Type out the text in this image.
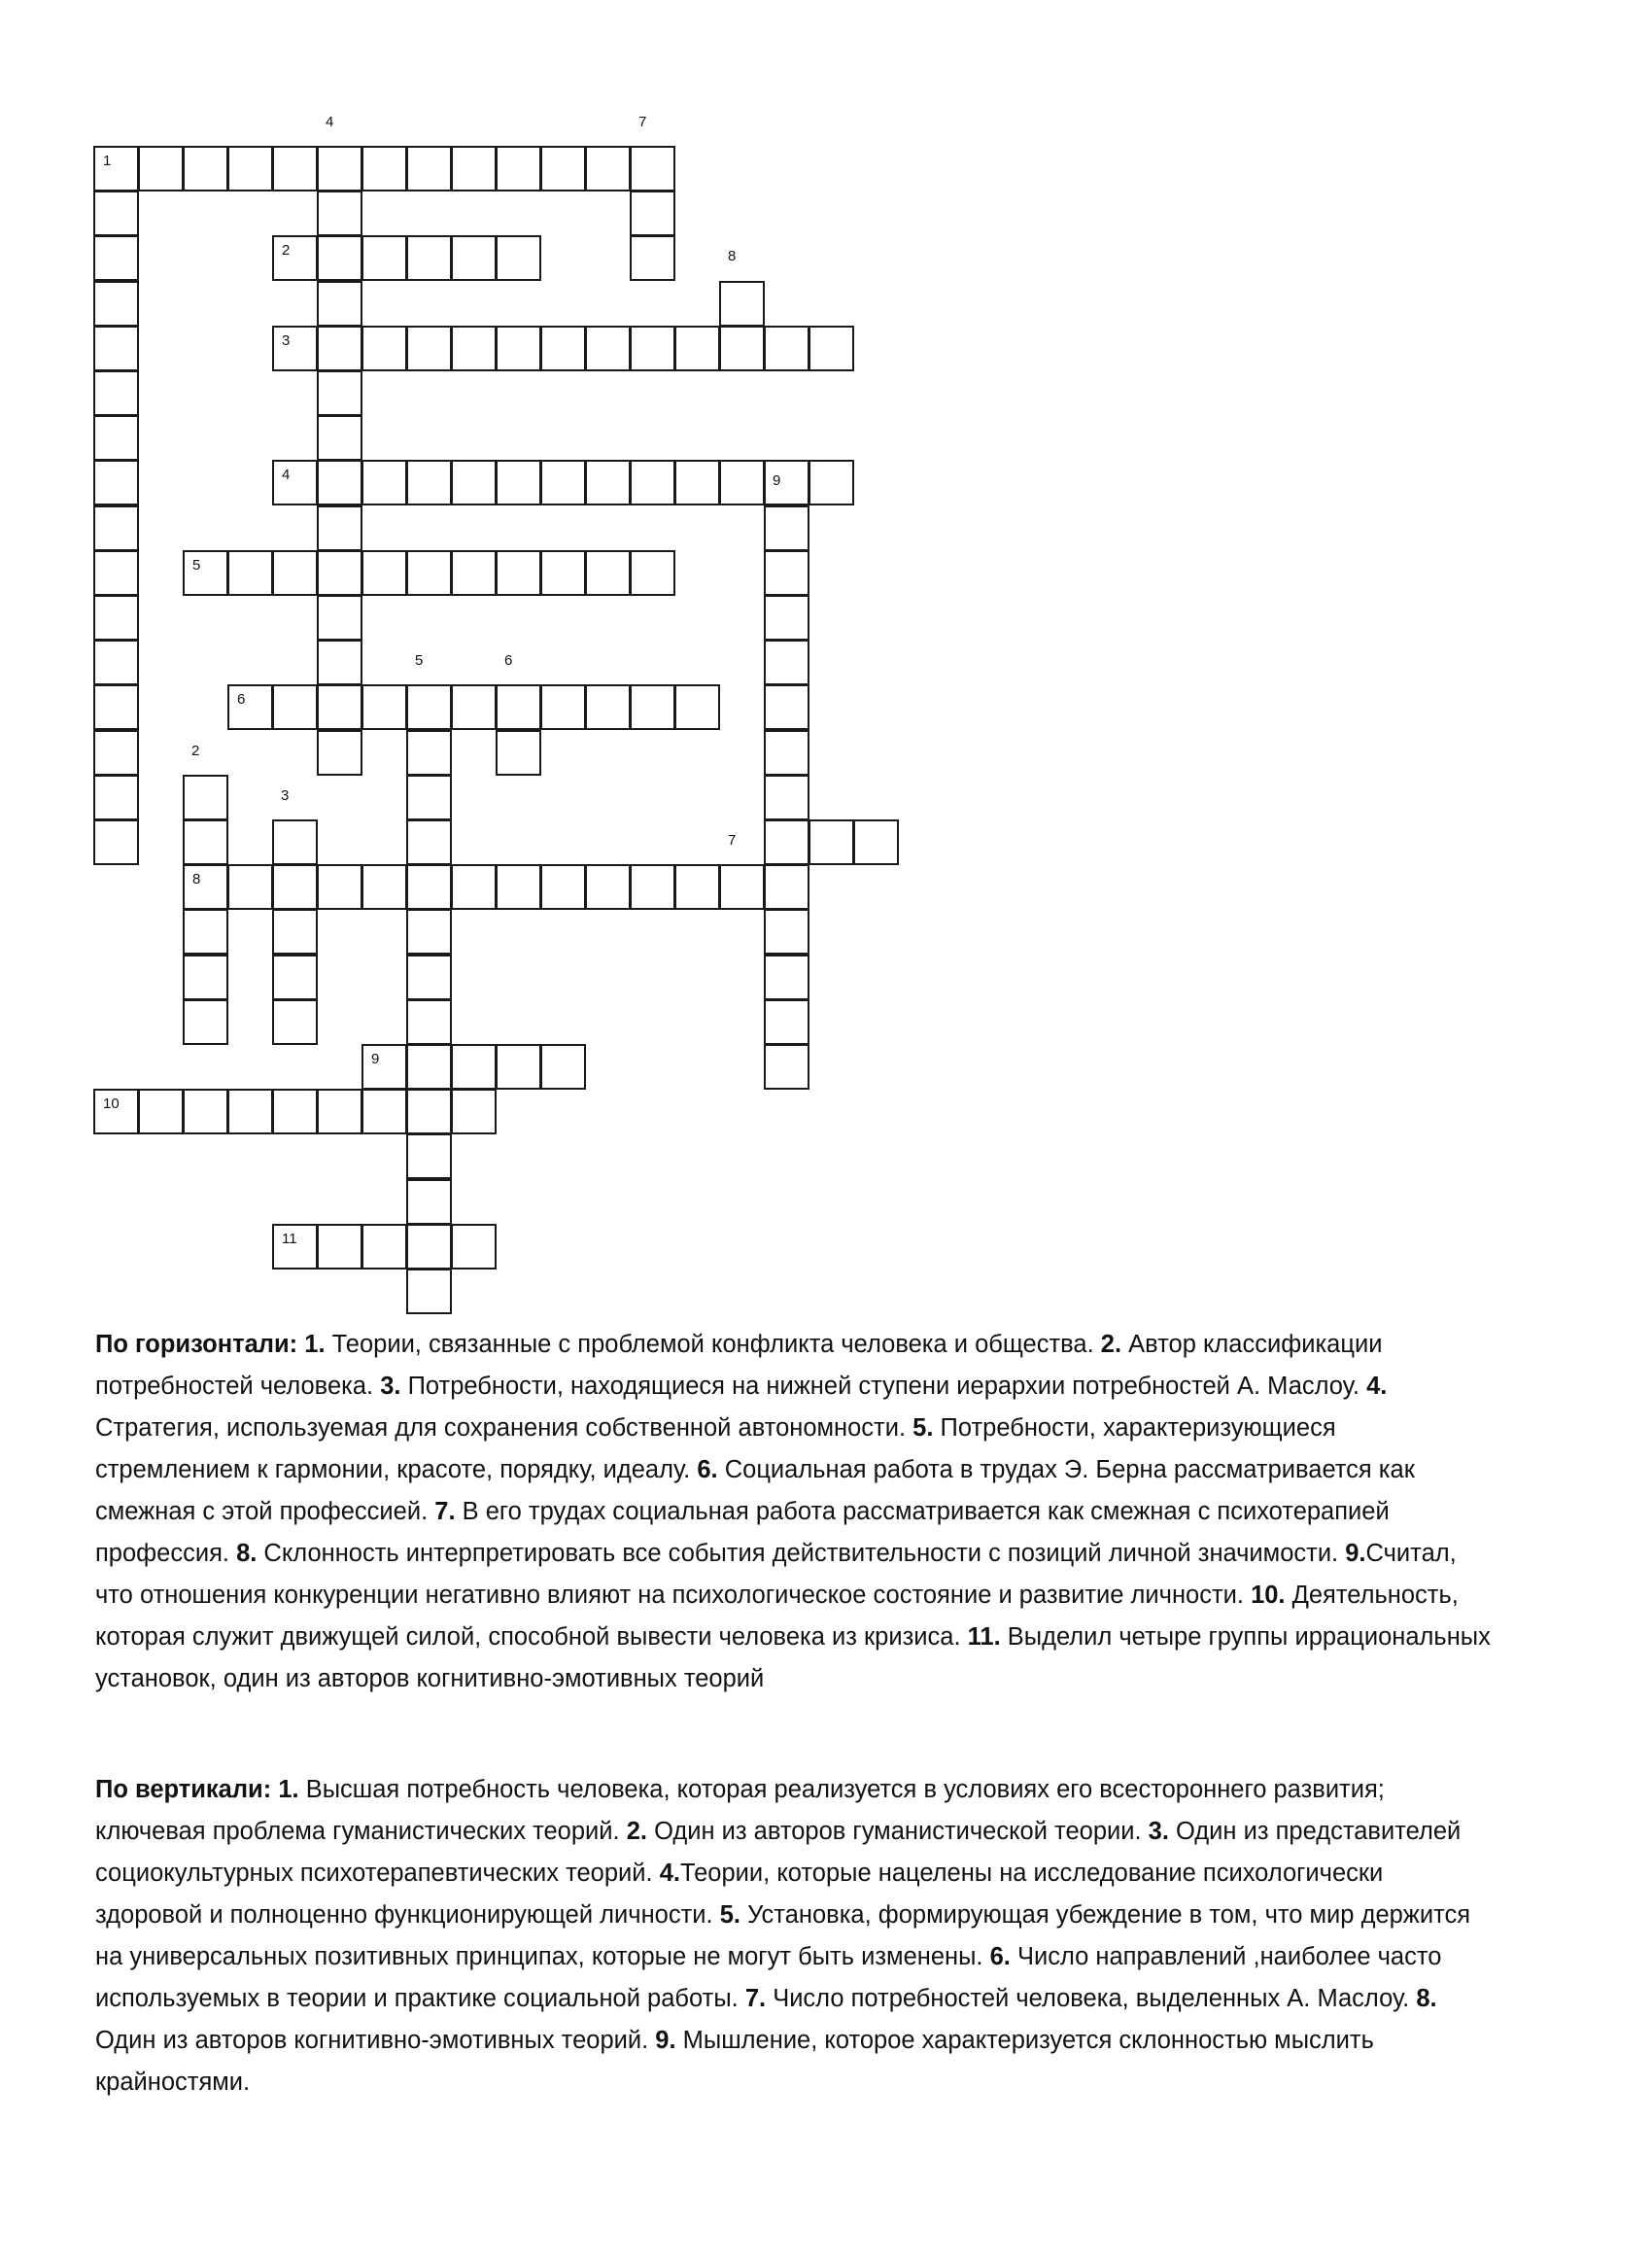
1
2
3
4
5
6
8
10
9
11
4	7
8
9
5	6
2
3
7

По горизонтали: 1. Теории, связанные с проблемой конфликта человека и общества. 2. Автор классификации потребностей человека. 3. Потребности, находящиеся на нижней ступени иерархии потребностей А. Маслоу. 4. Стратегия, используемая для сохранения собственной автономности. 5. Потребности, характеризующиеся стремлением к гармонии, красоте, порядку, идеалу. 6. Социальная работа в трудах Э. Берна рассматривается как смежная с этой профессией. 7. В его трудах социальная работа рассматривается как смежная с психотерапией профессия. 8. Склонность интерпретировать все события действительности с позиций личной значимости. 9.Считал, что отношения конкуренции негативно влияют на психологическое состояние и развитие личности. 10. Деятельность, которая служит движущей силой, способной вывести человека из кризиса. 11. Выделил четыре группы иррациональных установок, один из авторов когнитивно-эмотивных теорий

По вертикали: 1. Высшая потребность человека, которая реализуется в условиях его всестороннего развития; ключевая проблема гуманистических теорий. 2. Один из авторов гуманистической теории. 3. Один из представителей социокультурных психотерапевтических теорий. 4.Теории, которые нацелены на исследование психологически здоровой и полноценно функционирующей личности. 5. Установка, формирующая убеждение в том, что мир держится на универсальных позитивных принципах, которые не могут быть изменены. 6. Число направлений ,наиболее часто используемых в теории и практике социальной работы. 7. Число потребностей человека, выделенных А. Маслоу. 8. Один из авторов когнитивно-эмотивных теорий. 9. Мышление, которое характеризуется склонностью мыслить крайностями.
